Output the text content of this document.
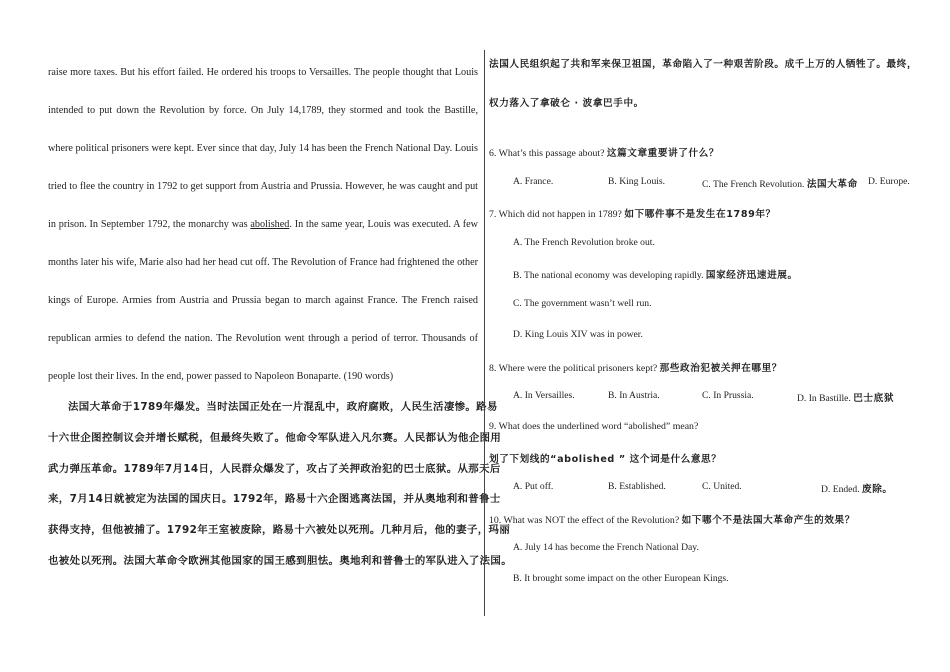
raise more taxes. But his effort failed. He ordered his troops to Versailles. The people thought that Louis
intended to put down the Revolution by force. On July 14,1789, they stormed and took the Bastille,
where political prisoners were kept. Ever since that day, July 14 has been the French National Day. Louis
tried to flee the country in 1792 to get support from Austria and Prussia. However, he was caught and put
in prison. In September 1792, the monarchy was abolished. In the same year, Louis was executed. A few
months later his wife, Marie also had her head cut off. The Revolution of France had frightened the other
kings of Europe. Armies from Austria and Prussia began to march against France. The French raised
republican armies to defend the nation. The Revolution went through a period of terror. Thousands of
people lost their lives. In the end, power passed to Napoleon Bonaparte. (190 words)
法国大革命于1789年爆发。当时法国正处在一片混乱中，政府腐败，人民生活凄惨。路易
十六世企图控制议会并增长赋税，但最终失败了。他命令军队进入凡尔赛。人民都认为他企图用
武力弹压革命。1789年7月14日，人民群众爆发了，攻占了关押政治犯的巴士底狱。从那天后
来，7月14日就被定为法国的国庆日。1792年，路易十六企图逃离法国，并从奥地利和普鲁士
获得支持，但他被捕了。1792年王室被废除，路易十六被处以死刑。几种月后，他的妻子，玛丽
也被处以死刑。法国大革命令欧洲其他国家的国王感到胆怯。奥地利和普鲁士的军队进入了法国。
法国人民组织起了共和军来保卫祖国，革命陷入了一种艰苦阶段。成千上万的人牺牲了。最终，
权力落入了拿破仑 · 波拿巴手中。
6. What’s this passage about? 这篇文章重要讲了什么？
A. France.	B. King Louis.	C. The French Revolution. 法国大革命 D. Europe.
7. Which did not happen in 1789? 如下哪件事不是发生在1789年？
A. The French Revolution broke out.
B. The national economy was developing rapidly. 国家经济迅速进展。
C. The government wasn’t well run.
D. King Louis XIV was in power.
8. Where were the political prisoners kept? 那些政治犯被关押在哪里？
A. In Versailles.	B. In Austria.	C. In Prussia.	D. In Bastille. 巴士底狱
9. What does the underlined word “abolished” mean?
划了下划线的“abolished ” 这个词是什么意思？
A. Put off.	B. Established.	C. United.	D. Ended. 废除。
10. What was NOT the effect of the Revolution? 如下哪个不是法国大革命产生的效果？
A. July 14 has become the French National Day.
B. It brought some impact on the other European Kings.
